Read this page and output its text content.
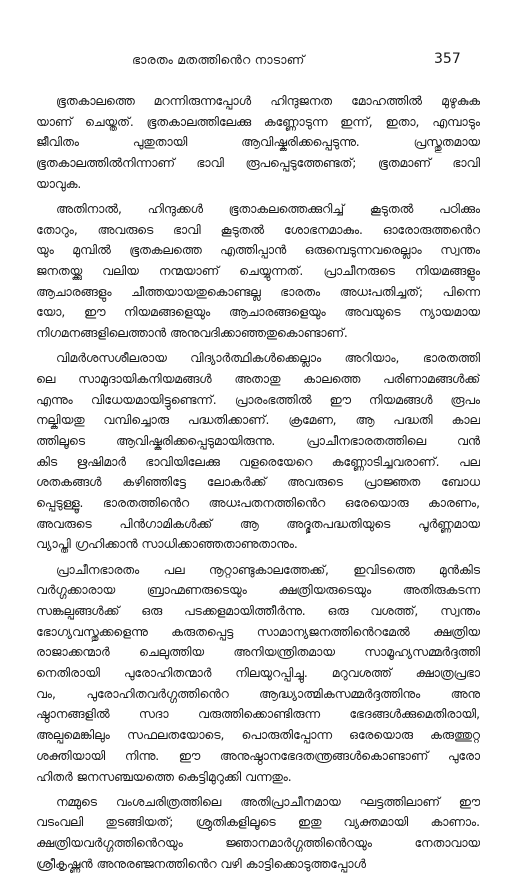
ഭാരതം മതത്തിൻെറ നാടാണ്	357
ഭൂതകാലത്തെ മറന്നിരുന്നപ്പോൾ ഹിന്ദുജനത മോഹത്തിൽ മുഴുകുക
യാണ് ചെയ്തത്. ഭൂതകാലത്തിലേക്കു കണ്ണോടുന്ന ഇന്ന്, ഇതാ, എമ്പാടും
ജീവിതം പുതുതായി ആവിഷ്കരിക്കപ്പെടുന്നു. പ്രസ്തുതമായ
ഭൂതകാലത്തിൽനിന്നാണ് ഭാവി രൂപപ്പെടുത്തേണ്ടത്; ഭൂതമാണ് ഭാവി
യാവുക.
അതിനാൽ, ഹിന്ദുക്കൾ ഭൂതാകലത്തെക്കുറിച്ച് കൂടുതൽ പഠിക്കും
തോറും, അവരുടെ ഭാവി കൂടുതൽ ശോഭനമാകും. ഓരോരുത്തൻെറ
യും മുമ്പിൽ ഭൂതകലത്തെ എത്തിപ്പാൻ ഒരുമ്പെടുന്നവരെല്ലാം സ്വന്തം
ജനതയ്ക്കു വലിയ നന്മയാണ് ചെയ്യുന്നത്. പ്രാചീനരുടെ നിയമങ്ങളും
ആചാരങ്ങളും ചീത്തയായതുകൊണ്ടല്ല ഭാരതം അധഃപതിച്ചത്; പിന്നെ
യോ, ഈ നിയമങ്ങളെയും ആചാരങ്ങളെയും അവയുടെ ന്യായമായ
നിഗമനങ്ങളിലെത്താൻ അനുവദിക്കാഞ്ഞതുകൊണ്ടാണ്.
വിമർശസശീലരായ വിദ്യാർത്ഥികൾക്കെല്ലാം അറിയാം, ഭാരതത്തി
ലെ സാമുദായികനിയമങ്ങൾ അതാതു കാലത്തെ പരിണാമങ്ങൾക്ക്
എന്നും വിധേയമായിട്ടുണ്ടെന്ന്. പ്രാരംഭത്തിൽ ഈ നിയമങ്ങൾ രൂപം
നല്കിയതു വമ്പിച്ചൊരു പദ്ധതിക്കാണ്. ക്രമേണ, ആ പദ്ധതി കാല
ത്തിലൂടെ ആവിഷ്കരിക്കപ്പെടുമായിരുന്നു. പ്രാചീനഭാരതത്തിലെ വൻ
കിട ഋഷിമാർ ഭാവിയിലേക്കു വളരെയേറെ കണ്ണോടിച്ചവരാണ്. പല
ശതകങ്ങൾ കഴിഞ്ഞിട്ടേ ലോകർക്ക് അവരുടെ പ്രാജ്ഞത ബോധ
പ്പെടുള്ളൂ. ഭാരതത്തിൻെറ അധഃപതനത്തിൻെറ ഒരേയൊരു കാരണം,
അവരുടെ പിൻഗാമികൾക്ക് ആ അദ്ഭുതപദ്ധതിയുടെ പൂർണ്ണമായ
വ്യാപ്തി ഗ്രഹിക്കാൻ സാധിക്കാഞ്ഞതാണുതാനും.
പ്രാചീനഭാരതം പല നൂറ്റാണ്ടുകാലത്തേക്ക്, ഇവിടത്തെ മുൻകിട
വർഗ്ഗക്കാരായ ബ്രാഹ്മണരുടെയും ക്ഷത്രിയരുടെയും അതിരുകടന്ന
സങ്കല്പങ്ങൾക്ക് ഒരു പടക്കളമായിത്തീർന്നു. ഒരു വശത്ത്, സ്വന്തം
ഭോഗ്യവസ്തുക്കളെന്നു കരുതപ്പെട്ട സാമാന്യജനത്തിൻെറമേൽ ക്ഷത്രിയ
രാജാക്കന്മാർ ചെലുത്തിയ അനിയന്ത്രിതമായ സാമൂഹ്യസമ്മർദ്ദത്തി
നെതിരായി പുരോഹിതന്മാർ നിലയുറപ്പിച്ചു. മറുവശത്ത് ക്ഷാത്രപ്രഭാ
വം, പുരോഹിതവർഗ്ഗത്തിൻെറ ആദ്ധ്യാത്മികസമ്മർദ്ദത്തിനും അനു
ഷ്ഠാനങ്ങളിൽ സദാ വരുത്തിക്കൊണ്ടിരുന്ന ഭേദങ്ങൾക്കുമെതിരായി,
അല്പമെങ്കിലും സഫലതയോടെ, പൊരുതിപ്പോന്ന ഒരേയൊരു കരുത്തുറ്റ
ശക്തിയായി നിന്നു. ഈ അനുഷ്ഠാനഭേദതന്ത്രങ്ങൾകൊണ്ടാണ് പുരോ
ഹിതർ ജനസഞ്ചയത്തെ കെട്ടിമുറുക്കി വന്നതും.
നമ്മുടെ വംശചരിത്രത്തിലെ അതിപ്രാചീനമായ ഘട്ടത്തിലാണ് ഈ
വടംവലി തുടങ്ങിയത്; ശ്രുതികളിലൂടെ ഇതു വ്യക്തമായി കാണാം.
ക്ഷത്രിയവർഗ്ഗത്തിൻെറയും ജ്ഞാനമാർഗ്ഗത്തിൻെറയും നേതാവായ
ശ്രീകൃഷ്ണൻ അനുരഞ്ജനത്തിൻെറ വഴി കാട്ടിക്കൊടുത്തപ്പോൾ
